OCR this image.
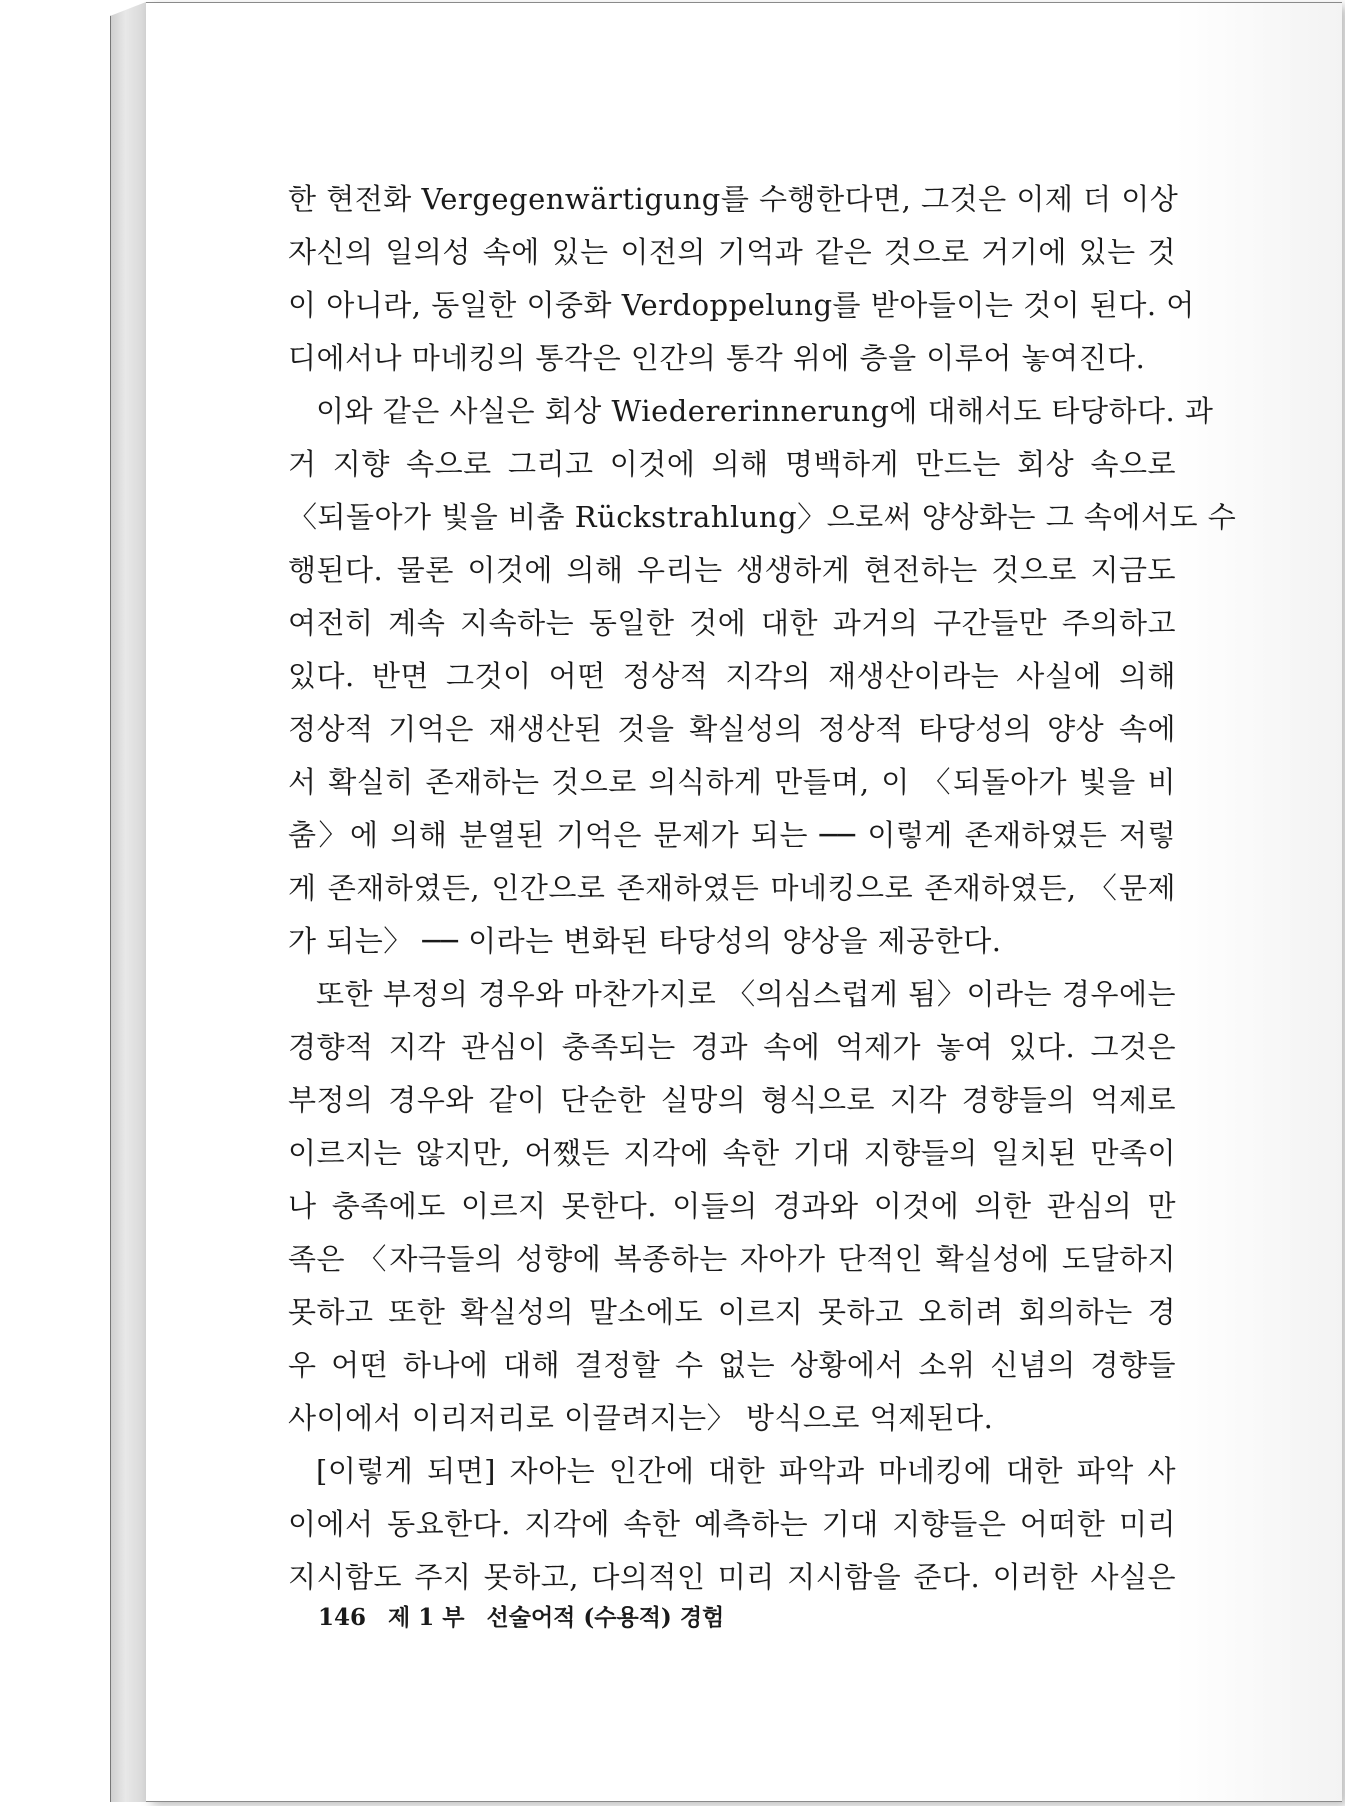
한 현전화 Vergegenwärtigung를 수행한다면, 그것은 이제 더 이상
자신의 일의성 속에 있는 이전의 기억과 같은 것으로 거기에 있는 것
이 아니라, 동일한 이중화 Verdoppelung를 받아들이는 것이 된다. 어
디에서나 마네킹의 통각은 인간의 통각 위에 층을 이루어 놓여진다.
이와 같은 사실은 회상 Wiedererinnerung에 대해서도 타당하다. 과
거 지향 속으로 그리고 이것에 의해 명백하게 만드는 회상 속으로
〈되돌아가 빛을 비춤 Rückstrahlung〉으로써 양상화는 그 속에서도 수
행된다. 물론 이것에 의해 우리는 생생하게 현전하는 것으로 지금도
여전히 계속 지속하는 동일한 것에 대한 과거의 구간들만 주의하고
있다. 반면 그것이 어떤 정상적 지각의 재생산이라는 사실에 의해
정상적 기억은 재생산된 것을 확실성의 정상적 타당성의 양상 속에
서 확실히 존재하는 것으로 의식하게 만들며, 이 〈되돌아가 빛을 비
춤〉에 의해 분열된 기억은 문제가 되는 ── 이렇게 존재하였든 저렇
게 존재하였든, 인간으로 존재하였든 마네킹으로 존재하였든, 〈문제
가 되는〉 ── 이라는 변화된 타당성의 양상을 제공한다.
또한 부정의 경우와 마찬가지로 〈의심스럽게 됨〉이라는 경우에는
경향적 지각 관심이 충족되는 경과 속에 억제가 놓여 있다. 그것은
부정의 경우와 같이 단순한 실망의 형식으로 지각 경향들의 억제로
이르지는 않지만, 어쨌든 지각에 속한 기대 지향들의 일치된 만족이
나 충족에도 이르지 못한다. 이들의 경과와 이것에 의한 관심의 만
족은 〈자극들의 성향에 복종하는 자아가 단적인 확실성에 도달하지
못하고 또한 확실성의 말소에도 이르지 못하고 오히려 회의하는 경
우 어떤 하나에 대해 결정할 수 없는 상황에서 소위 신념의 경향들
사이에서 이리저리로 이끌려지는〉 방식으로 억제된다.
[이렇게 되면] 자아는 인간에 대한 파악과 마네킹에 대한 파악 사
이에서 동요한다. 지각에 속한 예측하는 기대 지향들은 어떠한 미리
지시함도 주지 못하고, 다의적인 미리 지시함을 준다. 이러한 사실은
146 제 1 부 선술어적 (수용적) 경험
